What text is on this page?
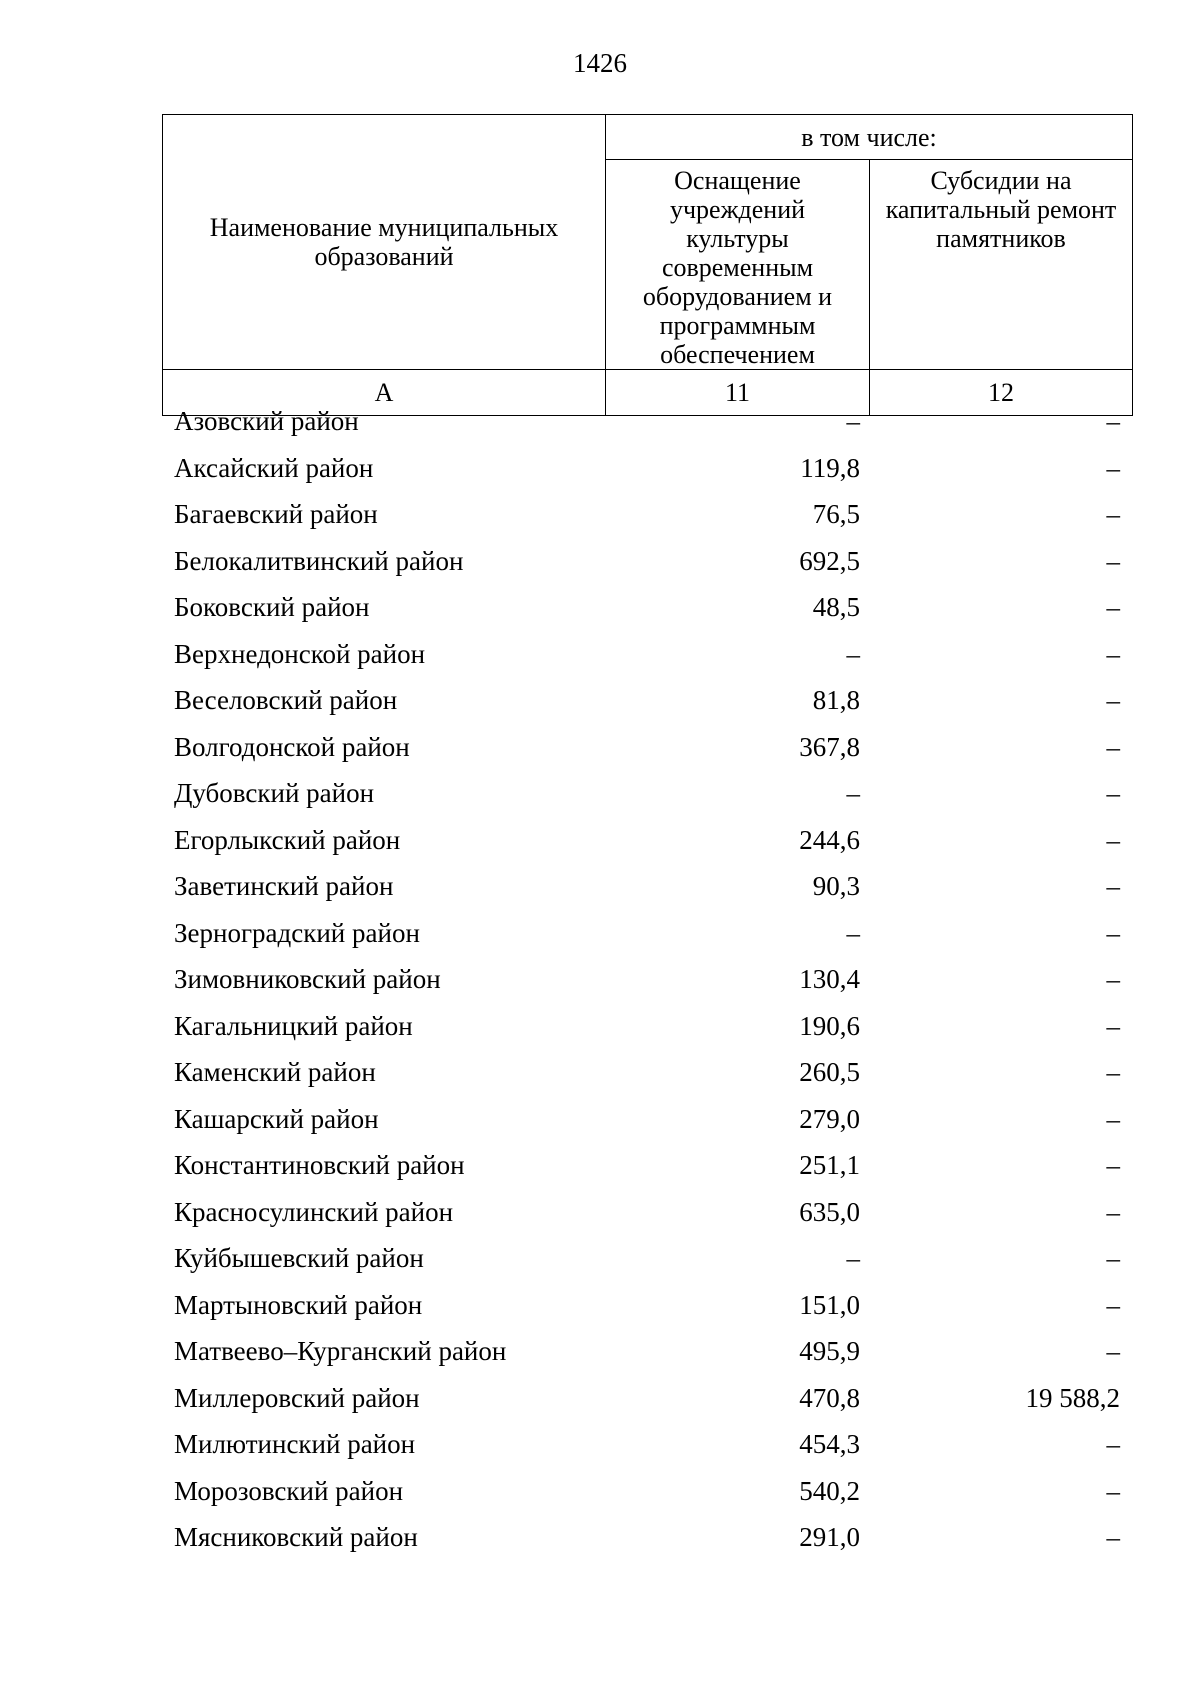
1426
Наименование муниципальных образований	в том числе:	
	Оснащение учреждений культуры современным оборудованием и программным обеспечением	Субсидии на капитальный ремонт памятников
А	11	12
Азовский район	–	–
Аксайский район	119,8	–
Багаевский район	76,5	–
Белокалитвинский район	692,5	–
Боковский район	48,5	–
Верхнедонской район	–	–
Веселовский район	81,8	–
Волгодонской район	367,8	–
Дубовский район	–	–
Егорлыкский район	244,6	–
Заветинский район	90,3	–
Зерноградский район	–	–
Зимовниковский район	130,4	–
Кагальницкий район	190,6	–
Каменский район	260,5	–
Кашарский район	279,0	–
Константиновский район	251,1	–
Красносулинский район	635,0	–
Куйбышевский район	–	–
Мартыновский район	151,0	–
Матвеево–Курганский район	495,9	–
Миллеровский район	470,8	19 588,2
Милютинский район	454,3	–
Морозовский район	540,2	–
Мясниковский район	291,0	–
